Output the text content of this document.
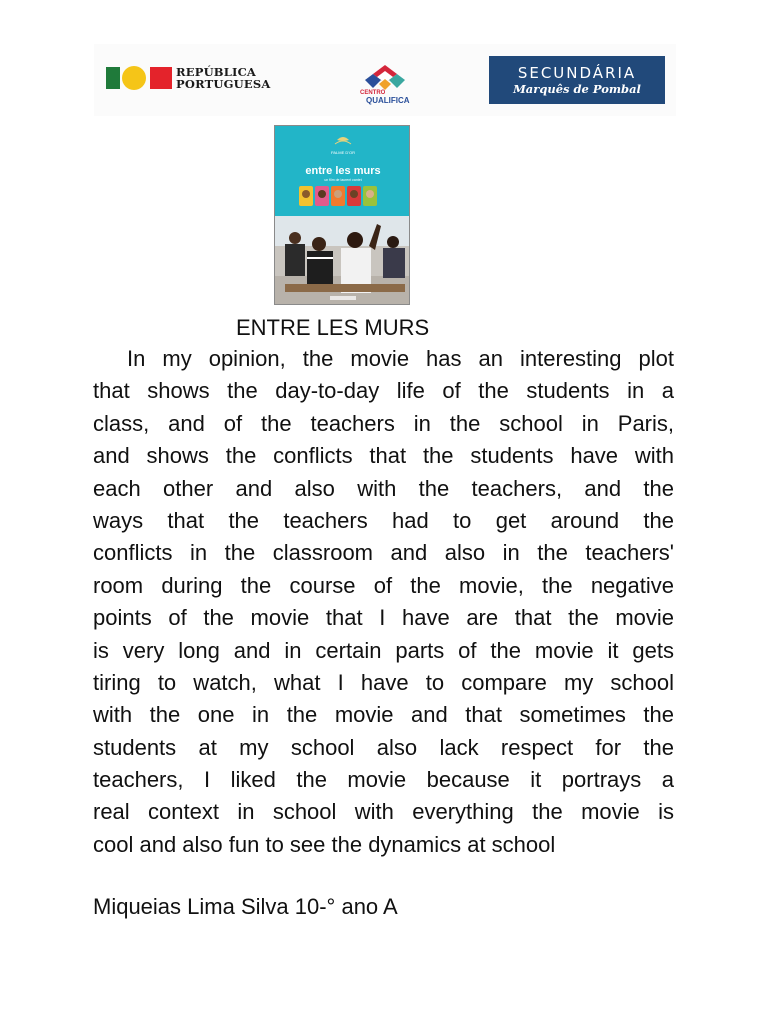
REPÚBLICA
PORTUGUESA
CENTRO
QUALIFICA
SECUNDÁRIA
Marquês de Pombal
PALME D'OR
entre les murs
un film de laurent cantet
ENTRE LES MURS
In my opinion, the movie has an interesting plot
that shows the day-to-day life of the students in a
class, and of the teachers in the school in Paris,
and shows the conflicts that the students have with
each other and also with the teachers, and the
ways that the teachers had to get around the
conflicts in the classroom and also in the teachers'
room during the course of the movie, the negative
points of the movie that I have are that the movie
is very long and in certain parts of the movie it gets
tiring to watch, what I have to compare my school
with the one in the movie and that sometimes the
students at my school also lack respect for the
teachers, I liked the movie because it portrays a
real context in school with everything the movie is
cool and also fun to see the dynamics at school
Miqueias Lima Silva 10-° ano A
